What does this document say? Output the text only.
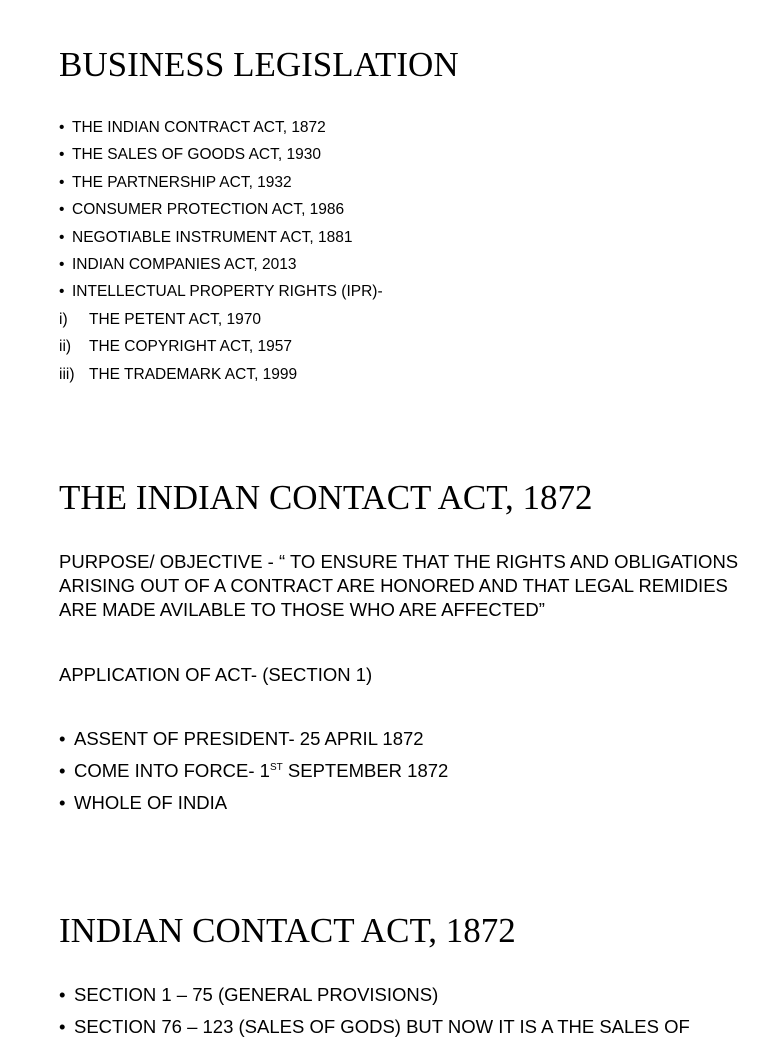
BUSINESS LEGISLATION
• THE INDIAN CONTRACT ACT, 1872
• THE SALES OF GOODS ACT, 1930
• THE PARTNERSHIP ACT, 1932
• CONSUMER PROTECTION ACT, 1986
• NEGOTIABLE INSTRUMENT ACT, 1881
• INDIAN COMPANIES ACT, 2013
• INTELLECTUAL PROPERTY RIGHTS (IPR)-
i) THE PETENT ACT, 1970
ii) THE COPYRIGHT ACT, 1957
iii) THE TRADEMARK ACT, 1999
THE INDIAN CONTACT ACT, 1872

PURPOSE/ OBJECTIVE - “ TO ENSURE THAT THE RIGHTS AND OBLIGATIONS ARISING OUT OF A CONTRACT ARE HONORED AND THAT LEGAL REMIDIES ARE MADE AVILABLE TO THOSE WHO ARE AFFECTED”

APPLICATION OF ACT- (SECTION 1)

• ASSENT OF PRESIDENT- 25 APRIL 1872
• COME INTO FORCE- 1ST SEPTEMBER 1872
• WHOLE OF INDIA
INDIAN CONTACT ACT, 1872
• SECTION 1 – 75 (GENERAL PROVISIONS)
• SECTION 76 – 123 (SALES OF GODS) BUT NOW IT IS A THE SALES OF
